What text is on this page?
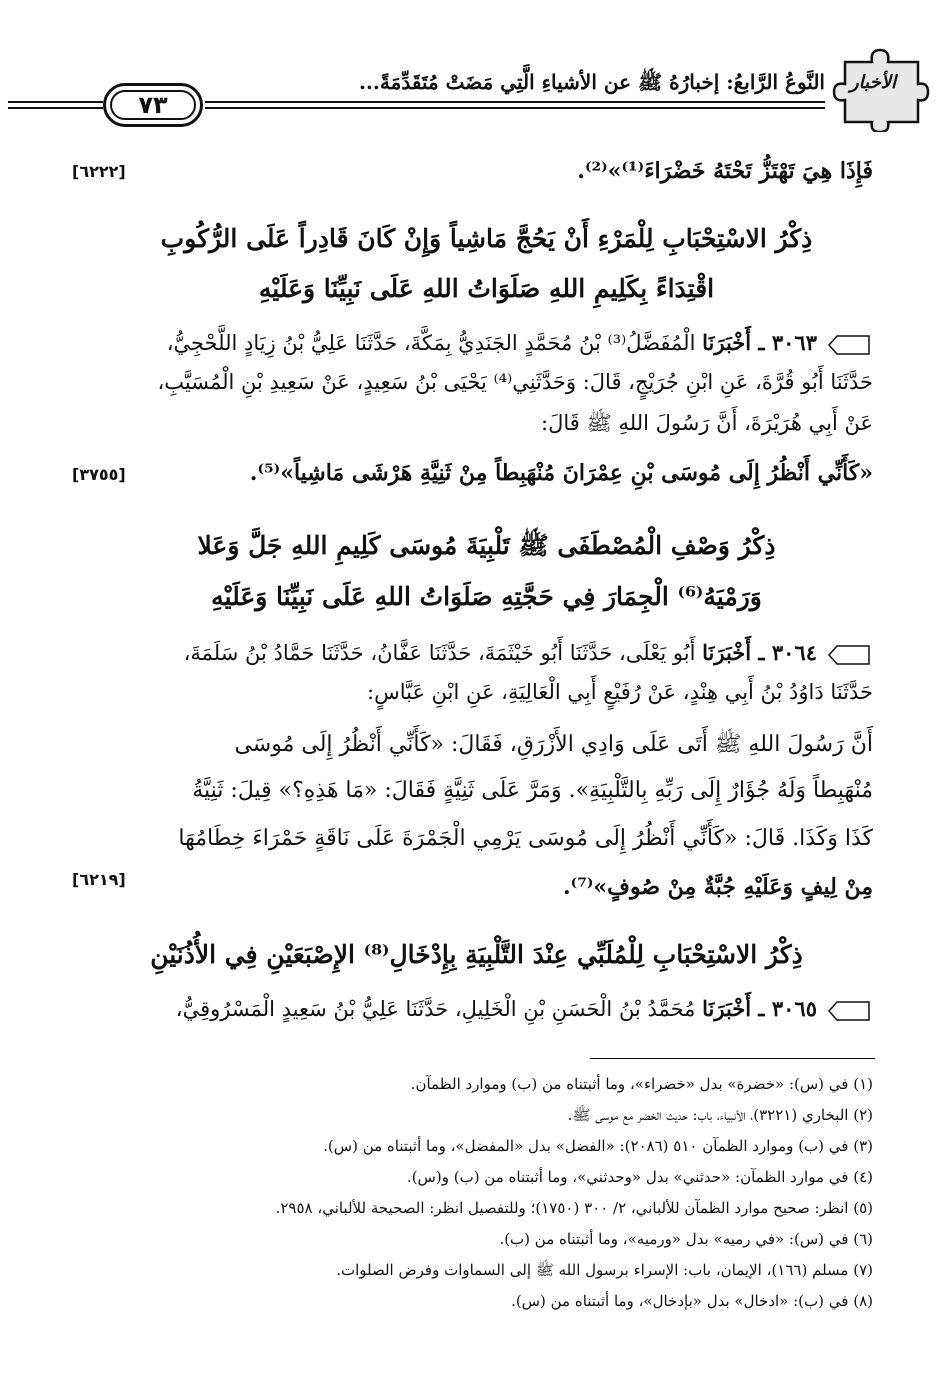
٧٣
النَّوعُ الرَّابعُ: إخبارُهُ ﷺ عن الأشياءِ الَّتِي مَضَتْ مُتَقَدِّمَةً...	الأخبار
فَإِذَا هِيَ تَهْتَزُّ تَحْتَهُ خَضْرَاءَ⁽¹⁾»⁽²⁾.
[٦٢٢٢]
ذِكْرُ الاسْتِحْبَابِ لِلْمَرْءِ أَنْ يَحُجَّ مَاشِياً وَإِنْ كَانَ قَادِراً عَلَى الرُّكُوبِ
اقْتِدَاءً بِكَلِيمِ اللهِ صَلَوَاتُ اللهِ عَلَى نَبِيِّنَا وَعَلَيْهِ
٣٠٦٣ ـ أَخْبَرَنَا الْمُفَضَّلُ⁽³⁾ بْنُ مُحَمَّدٍ الجَنَدِيُّ بِمَكَّةَ، حَدَّثَنَا عَلِيُّ بْنُ زِيَادٍ اللَّحْجِيُّ،
حَدَّثَنَا أَبُو قُرَّةَ، عَنِ ابْنِ جُرَيْجٍ، قَالَ: وَحَدَّثَنِي⁽⁴⁾ يَحْيَى بْنُ سَعِيدٍ، عَنْ سَعِيدِ بْنِ الْمُسَيَّبِ،
عَنْ أَبِي هُرَيْرَةَ، أَنَّ رَسُولَ اللهِ ﷺ قَالَ:
«كَأَنِّي أَنْظُرُ إِلَى مُوسَى بْنِ عِمْرَانَ مُنْهَبِطاً مِنْ ثَنِيَّةِ هَرْشَى مَاشِياً»⁽⁵⁾.
[٣٧٥٥]
ذِكْرُ وَصْفِ الْمُصْطَفَى ﷺ تَلْبِيَةَ مُوسَى كَلِيمِ اللهِ جَلَّ وَعَلا
وَرَمْيَهُ⁽⁶⁾ الْجِمَارَ فِي حَجَّتِهِ صَلَوَاتُ اللهِ عَلَى نَبِيِّنَا وَعَلَيْهِ
٣٠٦٤ ـ أَخْبَرَنَا أَبُو يَعْلَى، حَدَّثَنَا أَبُو خَيْثَمَةَ، حَدَّثَنَا عَفَّانُ، حَدَّثَنَا حَمَّادُ بْنُ سَلَمَةَ،
حَدَّثَنَا دَاوُدُ بْنُ أَبِي هِنْدٍ، عَنْ رُفَيْعٍ أَبِي الْعَالِيَةِ، عَنِ ابْنِ عَبَّاسٍ:
أَنَّ رَسُولَ اللهِ ﷺ أَتَى عَلَى وَادِي الأَزْرَقِ، فَقَالَ: «كَأَنِّي أَنْظُرُ إِلَى مُوسَى
مُنْهَبِطاً وَلَهُ جُؤَارٌ إِلَى رَبِّهِ بِالتَّلْبِيَةِ». وَمَرَّ عَلَى ثَنِيَّةٍ فَقَالَ: «مَا هَذِهِ؟» قِيلَ: ثَنِيَّةُ
كَذَا وَكَذَا. قَالَ: «كَأَنِّي أَنْظُرُ إِلَى مُوسَى يَرْمِي الْجَمْرَةَ عَلَى نَاقَةٍ حَمْرَاءَ خِطَامُهَا
مِنْ لِيفٍ وَعَلَيْهِ جُبَّةٌ مِنْ صُوفٍ»⁽⁷⁾.
[٦٢١٩]
ذِكْرُ الاسْتِحْبَابِ لِلْمُلَبِّي عِنْدَ التَّلْبِيَةِ بِإِدْخَالِ⁽⁸⁾ الإِصْبَعَيْنِ فِي الأُذُنَيْنِ
٣٠٦٥ ـ أَخْبَرَنَا مُحَمَّدُ بْنُ الْحَسَنِ بْنِ الْخَلِيلِ، حَدَّثَنَا عَلِيُّ بْنُ سَعِيدٍ الْمَسْرُوقِيُّ،
(١) في (س): «خضرة» بدل «خضراء»، وما أثبتناه من (ب) وموارد الظمآن.
(٢) البخاري (٣٢٢١)، الأنبياء، باب: حديث الخضر مع موسى ﷺ.
(٣) في (ب) وموارد الظمآن ٥١٠ (٢٠٨٦): «الفضل» بدل «المفضل»، وما أثبتناه من (س).
(٤) في موارد الظمآن: «حدثني» بدل «وحدثني»، وما أثبتناه من (ب) و(س).
(٥) انظر: صحيح موارد الظمآن للألباني، ٢/ ٣٠٠ (١٧٥٠)؛ وللتفصيل انظر: الصحيحة للألباني، ٢٩٥٨.
(٦) في (س): «في رميه» بدل «ورميه»، وما أثبتناه من (ب).
(٧) مسلم (١٦٦)، الإيمان، باب: الإسراء برسول الله ﷺ إلى السماوات وفرض الصلوات.
(٨) في (ب): «ادخال» بدل «بإدخال»، وما أثبتناه من (س).
